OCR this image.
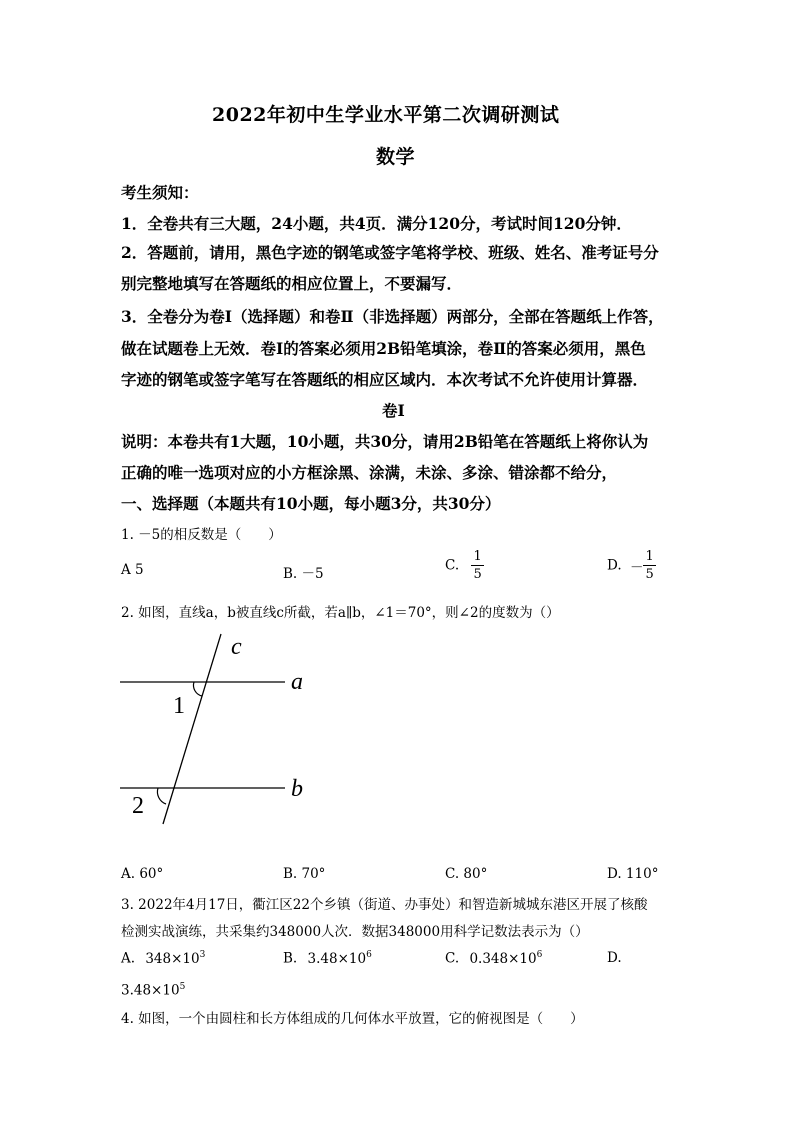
2022年初中生学业水平第二次调研测试
数学
考生须知：
1．全卷共有三大题，24小题，共4页．满分120分，考试时间120分钟．
2．答题前，请用，黑色字迹的钢笔或签字笔将学校、班级、姓名、准考证号分
别完整地填写在答题纸的相应位置上，不要漏写．
3．全卷分为卷Ⅰ（选择题）和卷Ⅱ（非选择题）两部分，全部在答题纸上作答，
做在试题卷上无效．卷Ⅰ的答案必须用2B铅笔填涂，卷Ⅱ的答案必须用，黑色
字迹的钢笔或签字笔写在答题纸的相应区域内．本次考试不允许使用计算器．
卷Ⅰ
说明：本卷共有1大题，10小题，共30分，请用2B铅笔在答题纸上将你认为
正确的唯一选项对应的小方框涂黑、涂满，未涂、多涂、错涂都不给分，
一、选择题（本题共有10小题，每小题3分，共30分）
1. －5的相反数是（　　）
A 5	B. －5
C. $\frac{1}{5}$	D. － $\frac{1}{5}$
2. 如图，直线a，b被直线c所截，若a∥b，∠1＝70°，则∠2的度数为（）
c
a
b
1
2
A. 60°	B. 70°	C. 80°	D. 110°
3. 2022年4月17日，衢江区22个乡镇（街道、办事处）和智造新城城东港区开展了核酸
检测实战演练，共采集约348000人次．数据348000用科学记数法表示为（）
A. $348\times 10^3$	B. $3.48\times 10^6$	C. $0.348\times 10^6$	D.
$3.48\times 10^5$
4. 如图，一个由圆柱和长方体组成的几何体水平放置，它的俯视图是（　　）
